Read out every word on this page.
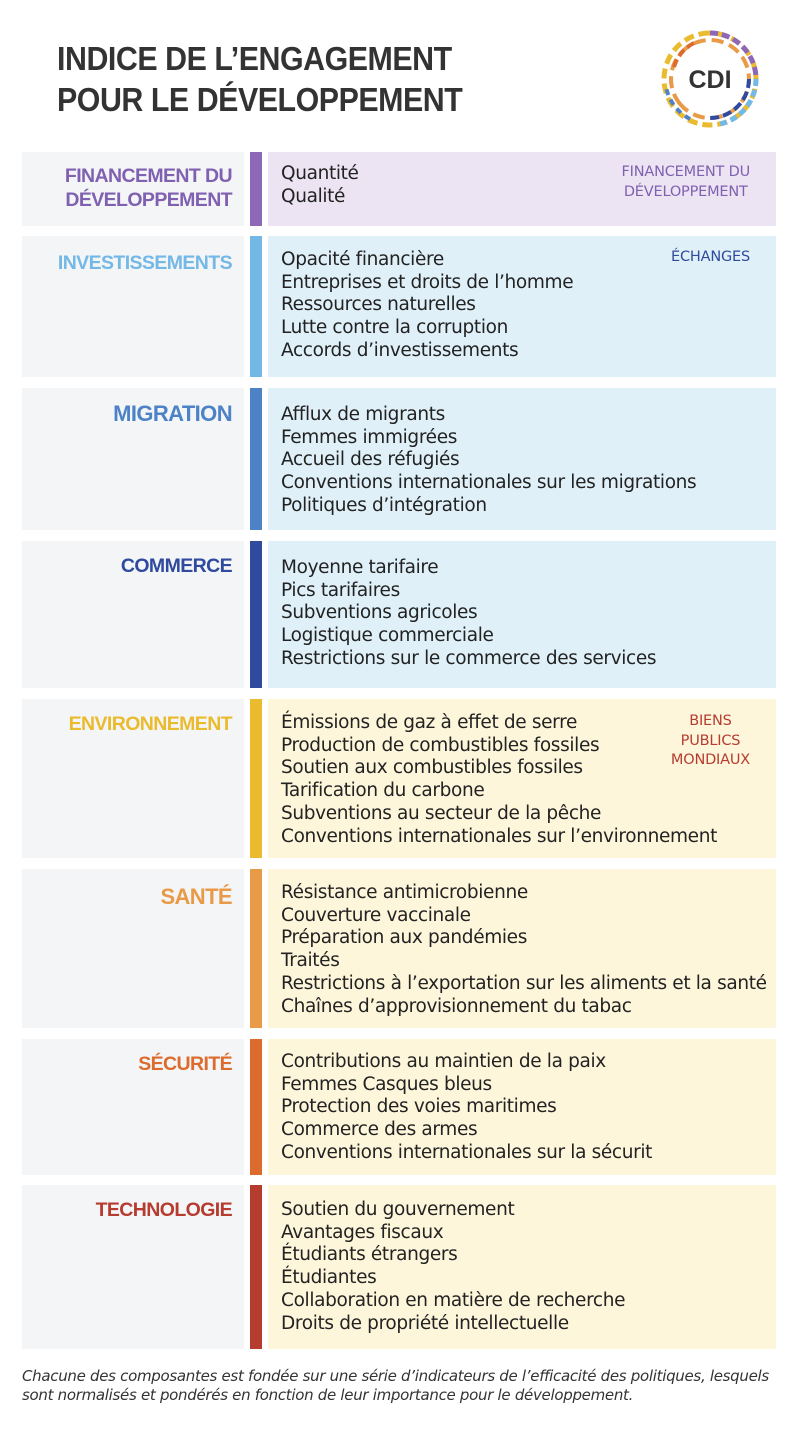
INDICE DE L’ENGAGEMENT
POUR LE DÉVELOPPEMENT
CDI
FINANCEMENT DU
DÉVELOPPEMENT
Quantité
Qualité
FINANCEMENT DU
DÉVELOPPEMENT
INVESTISSEMENTS	Opacité financière
Entreprises et droits de l’homme
Ressources naturelles
Lutte contre la corruption
Accords d’investissements
ÉCHANGES
MIGRATION	Afflux de migrants
Femmes immigrées
Accueil des réfugiés
Conventions internationales sur les migrations
Politiques d’intégration
COMMERCE	Moyenne tarifaire
Pics tarifaires
Subventions agricoles
Logistique commerciale
Restrictions sur le commerce des services
ENVIRONNEMENT	Émissions de gaz à effet de serre
Production de combustibles fossiles
Soutien aux combustibles fossiles
Tarification du carbone
Subventions au secteur de la pêche
Conventions internationales sur l’environnement
BIENS
PUBLICS
MONDIAUX
SANTÉ	Résistance antimicrobienne
Couverture vaccinale
Préparation aux pandémies
Traités
Restrictions à l’exportation sur les aliments et la santé
Chaînes d’approvisionnement du tabac
SÉCURITÉ	Contributions au maintien de la paix
Femmes Casques bleus
Protection des voies maritimes
Commerce des armes
Conventions internationales sur la sécurit
TECHNOLOGIE	Soutien du gouvernement
Avantages fiscaux
Étudiants étrangers
Étudiantes
Collaboration en matière de recherche
Droits de propriété intellectuelle
Chacune des composantes est fondée sur une série d’indicateurs de l’efficacité des politiques, lesquels sont normalisés et pondérés en fonction de leur importance pour le développement.
